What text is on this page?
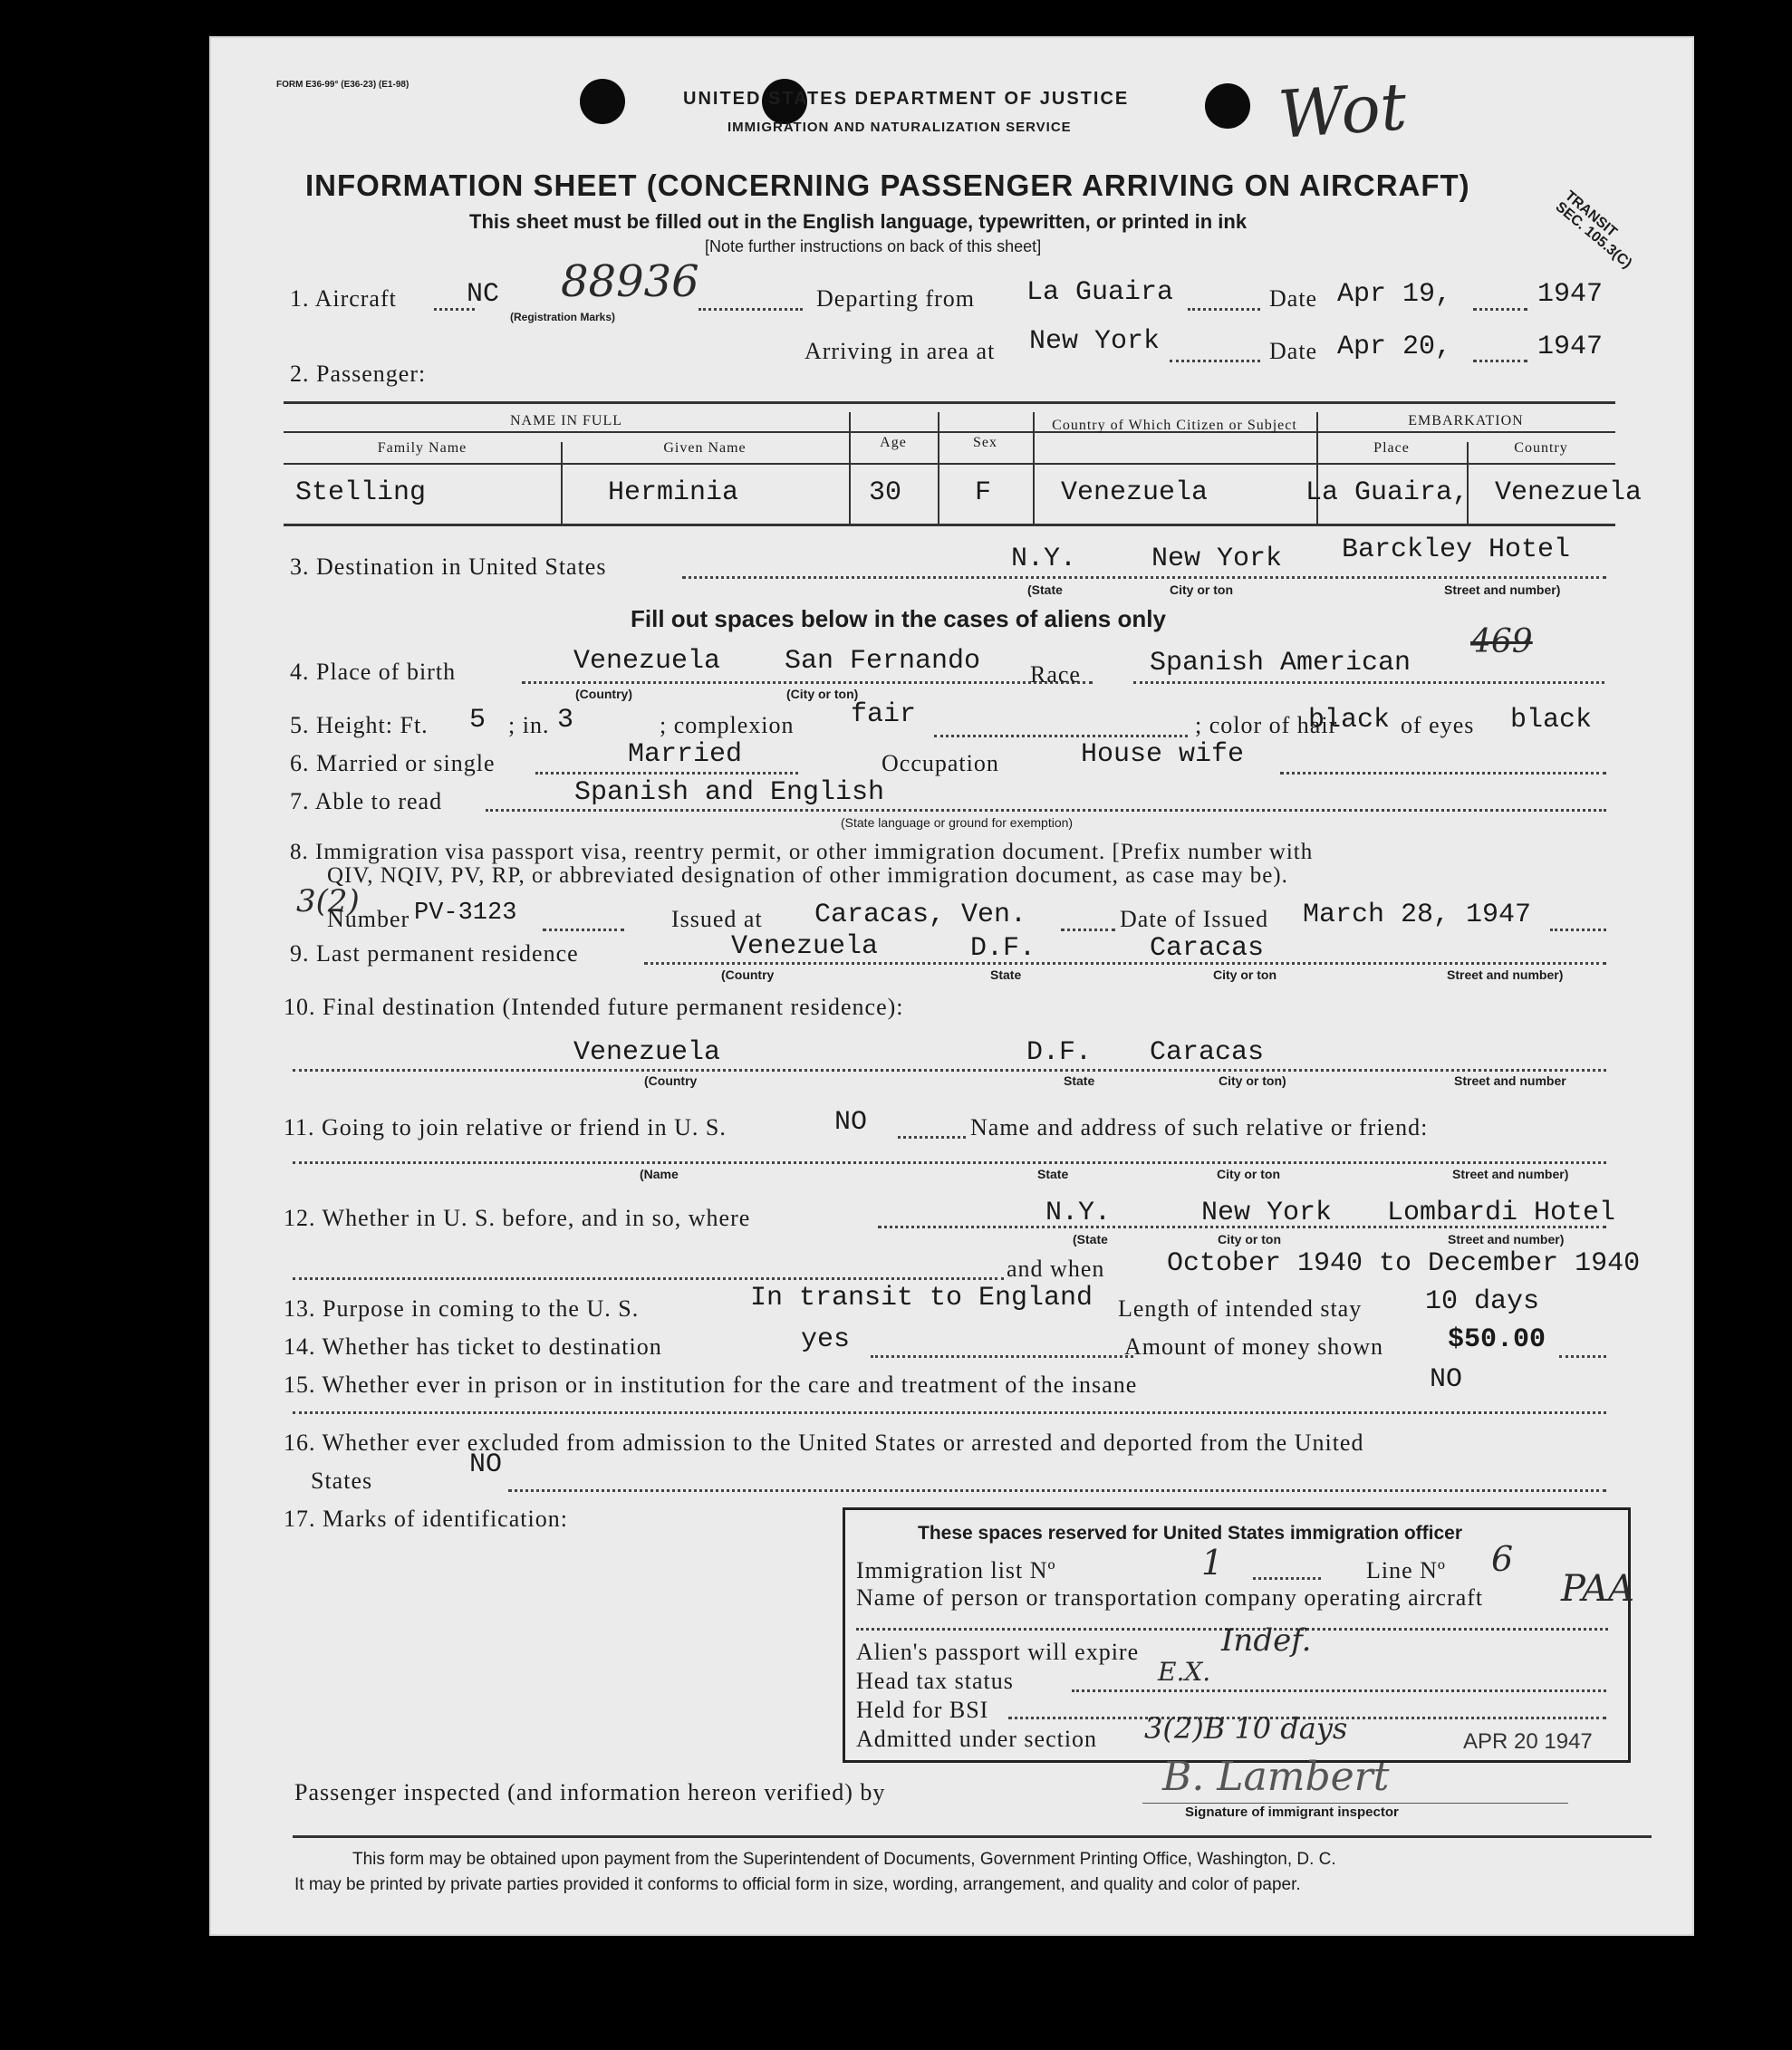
FORM E36-99° (E36-23) (E1-98)
UNITED STATES DEPARTMENT OF JUSTICE
IMMIGRATION AND NATURALIZATION SERVICE	Wot
TRANSIT SEC. 105.3(C)
INFORMATION SHEET (CONCERNING PASSENGER ARRIVING ON AIRCRAFT)
This sheet must be filled out in the English language, typewritten, or printed in ink
[Note further instructions on back of this sheet]
1. Aircraft	NC 88936
(Registration Marks)
Departing from La Guaira	Date Apr 19,	1947
Arriving in area at New York	Date Apr 20,	1947
2. Passenger:
NAME IN FULL
Family Name	Given Name	Age	Sex
Country of Which Citizen or Subject	EMBARKATION
Place	Country
Stelling	Herminia	30	F	Venezuela	La Guaira, Venezuela
3. Destination in United States	N.Y.	New York Barckley Hotel
(State	City or ton	Street and number)
Fill out spaces below in the cases of aliens only
4. Place of birth	Venezuela San Fernando
(Country)	(City or ton)
Race	Spanish American
469
5. Height: Ft. 5 ; in. 3	; complexion fair	; color of hair
black of eyes black
6. Married or single	Married	Occupation	House wife
7. Able to read	Spanish and English
(State language or ground for exemption)
8. Immigration visa passport visa, reentry permit, or other immigration document. [Prefix number with
QIV, NQIV, PV, RP, or abbreviated designation of other immigration document, as case may be).
3(2)
Number PV-3123	Issued at Caracas, Ven.	Date of Issued March 28, 1947
9. Last permanent residence	Venezuela	D.F.	Caracas
(Country	State	City or ton	Street and number)
10. Final destination (Intended future permanent residence):
Venezuela	D.F. Caracas
(Country	State	City or ton)	Street and number
11. Going to join relative or friend in U. S.	NO	Name and address of such relative or friend:
(Name	State	City or ton	Street and number)
12. Whether in U. S. before, and in so, where	N.Y.	New York Lombardi Hotel
(State	City or ton	Street and number)
and when October 1940 to December 1940
13. Purpose in coming to the U. S.	In transit to England Length of intended stay 10 days
14. Whether has ticket to destination	yes	Amount of money shown $50.00
15. Whether ever in prison or in institution for the care and treatment of the insane	NO
16. Whether ever excluded from admission to the United States or arrested and deported from the United
States
NO
17. Marks of identification:
These spaces reserved for United States immigration officer
Immigration list Nº	1	Line Nº 6
Name of person or transportation company operating aircraft PAA
Alien's passport will expire	Indef.
Head tax status	E.X.
Held for BSI
Admitted under section 3(2)B 10 days	APR 20 1947
Passenger inspected (and information hereon verified) by	B. Lambert
Signature of immigrant inspector
This form may be obtained upon payment from the Superintendent of Documents, Government Printing Office, Washington, D. C.
It may be printed by private parties provided it conforms to official form in size, wording, arrangement, and quality and color of paper.
